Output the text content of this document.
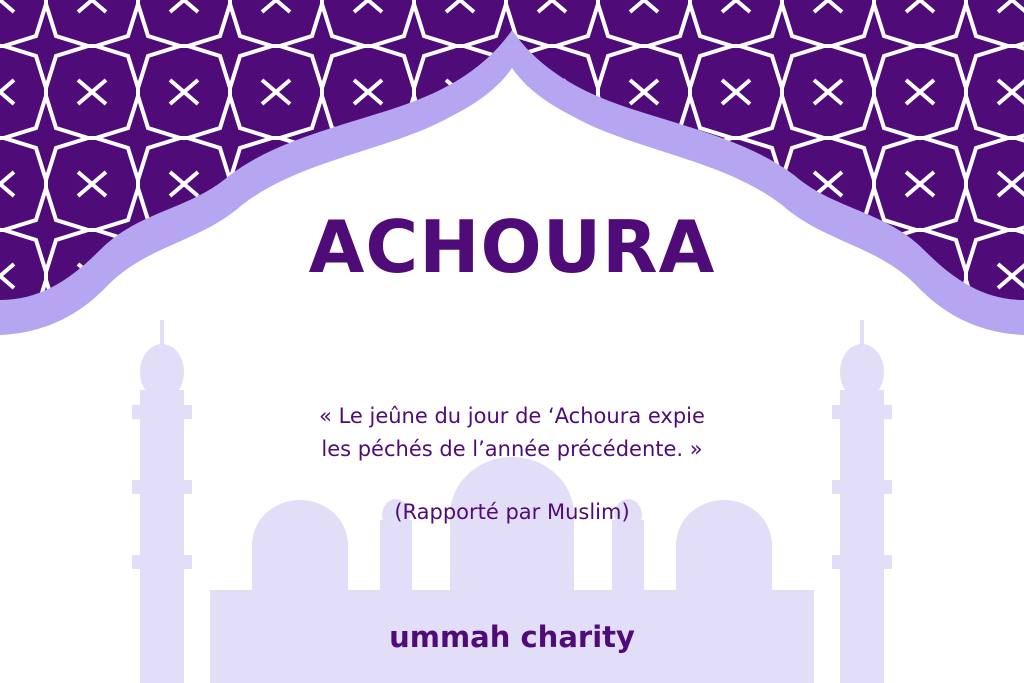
ACHOURA
« Le jeûne du jour de ‘Achoura expie
les péchés de l’année précédente. »
(Rapporté par Muslim)
ummah charity
